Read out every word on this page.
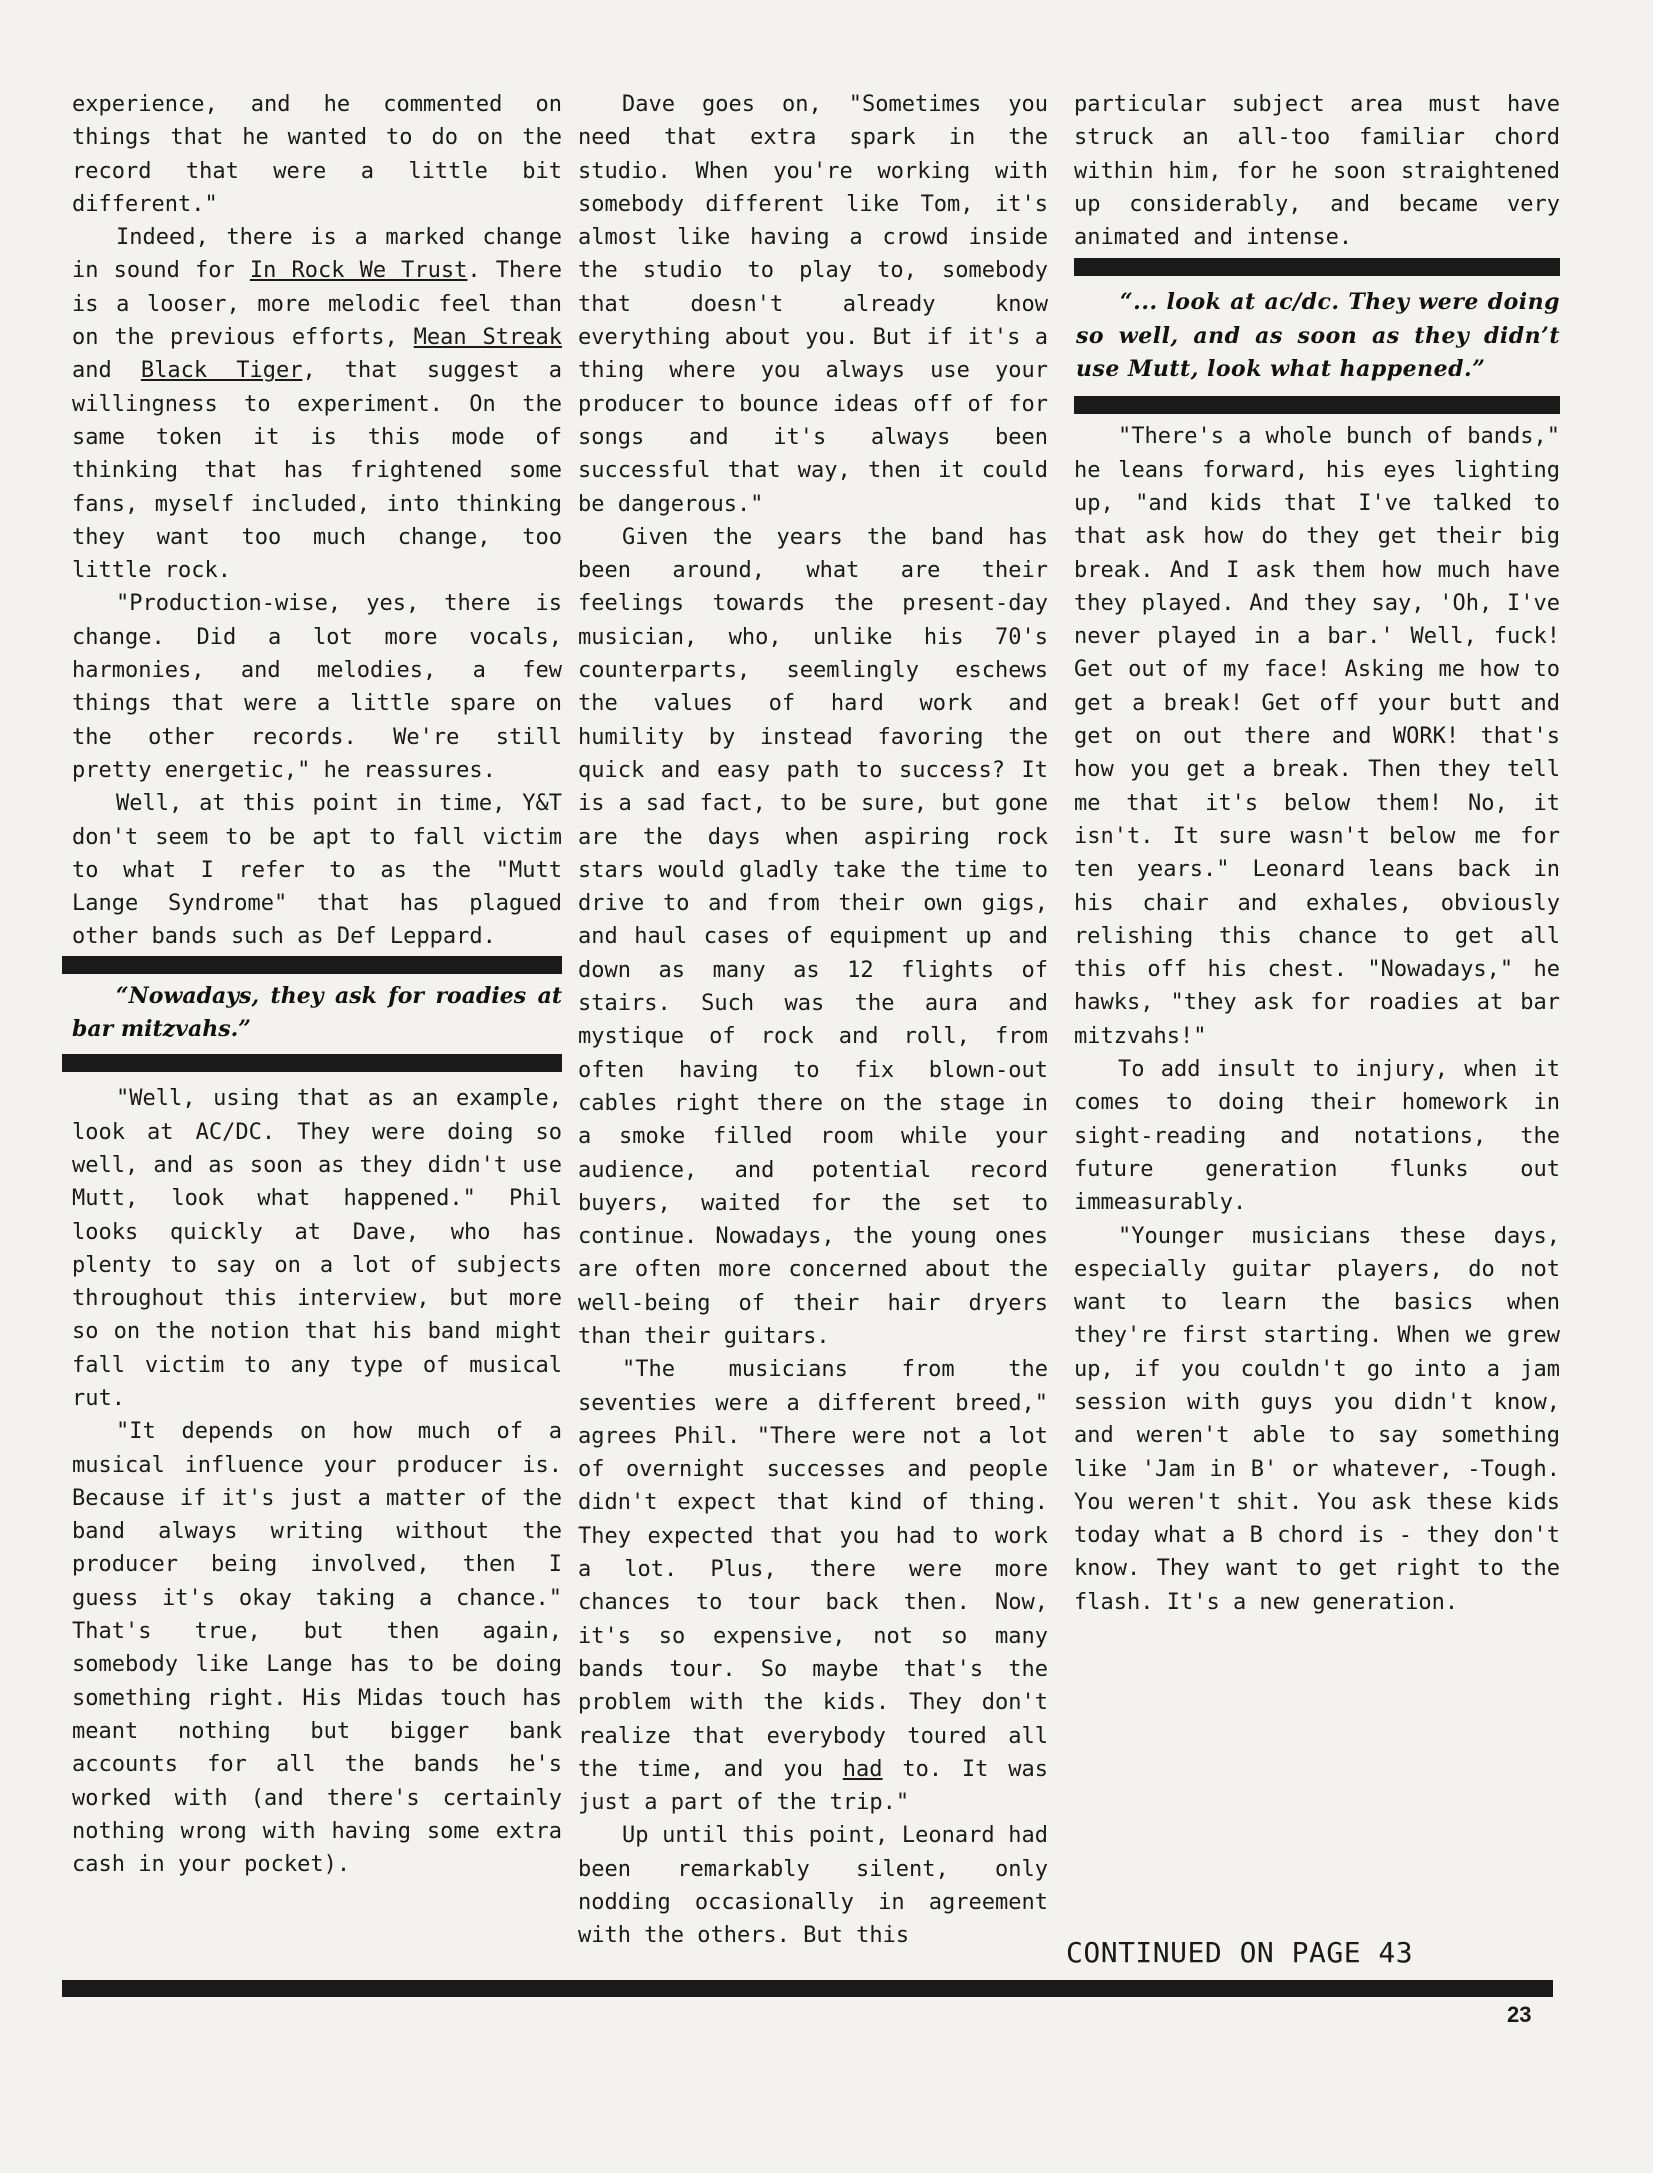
experience, and he commented on things that he wanted to do on the record that were a little bit different."

Indeed, there is a marked change in sound for In Rock We Trust. There is a looser, more melodic feel than on the previous efforts, Mean Streak and Black Tiger, that suggest a willingness to experiment. On the same token it is this mode of thinking that has frightened some fans, myself included, into thinking they want too much change, too little rock.

"Production-wise, yes, there is change. Did a lot more vocals, harmonies, and melodies, a few things that were a little spare on the other records. We're still pretty energetic," he reassures.

Well, at this point in time, Y&T don't seem to be apt to fall victim to what I refer to as the "Mutt Lange Syndrome" that has plagued other bands such as Def Leppard.

“Nowadays, they ask for roadies at bar mitzvahs.”

"Well, using that as an example, look at AC/DC. They were doing so well, and as soon as they didn't use Mutt, look what happened." Phil looks quickly at Dave, who has plenty to say on a lot of subjects throughout this interview, but more so on the notion that his band might fall victim to any type of musical rut.

"It depends on how much of a musical influence your producer is. Because if it's just a matter of the band always writing without the producer being involved, then I guess it's okay taking a chance." That's true, but then again, somebody like Lange has to be doing something right. His Midas touch has meant nothing but bigger bank accounts for all the bands he's worked with (and there's certainly nothing wrong with having some extra cash in your pocket).

Dave goes on, "Sometimes you need that extra spark in the studio. When you're working with somebody different like Tom, it's almost like having a crowd inside the studio to play to, somebody that doesn't already know everything about you. But if it's a thing where you always use your producer to bounce ideas off of for songs and it's always been successful that way, then it could be dangerous."

Given the years the band has been around, what are their feelings towards the present-day musician, who, unlike his 70's counterparts, seemlingly eschews the values of hard work and humility by instead favoring the quick and easy path to success? It is a sad fact, to be sure, but gone are the days when aspiring rock stars would gladly take the time to drive to and from their own gigs, and haul cases of equipment up and down as many as 12 flights of stairs. Such was the aura and mystique of rock and roll, from often having to fix blown-out cables right there on the stage in a smoke filled room while your audience, and potential record buyers, waited for the set to continue. Nowadays, the young ones are often more concerned about the well-being of their hair dryers than their guitars.

"The musicians from the seventies were a different breed," agrees Phil. "There were not a lot of overnight successes and people didn't expect that kind of thing. They expected that you had to work a lot. Plus, there were more chances to tour back then. Now, it's so expensive, not so many bands tour. So maybe that's the problem with the kids. They don't realize that everybody toured all the time, and you had to. It was just a part of the trip."

Up until this point, Leonard had been remarkably silent, only nodding occasionally in agreement with the others. But this

particular subject area must have struck an all-too familiar chord within him, for he soon straightened up considerably, and became very animated and intense.

“... look at ac/dc. They were doing so well, and as soon as they didn’t use Mutt, look what happened.”

"There's a whole bunch of bands," he leans forward, his eyes lighting up, "and kids that I've talked to that ask how do they get their big break. And I ask them how much have they played. And they say, 'Oh, I've never played in a bar.' Well, fuck! Get out of my face! Asking me how to get a break! Get off your butt and get on out there and WORK! that's how you get a break. Then they tell me that it's below them! No, it isn't. It sure wasn't below me for ten years." Leonard leans back in his chair and exhales, obviously relishing this chance to get all this off his chest. "Nowadays," he hawks, "they ask for roadies at bar mitzvahs!"

To add insult to injury, when it comes to doing their homework in sight-reading and notations, the future generation flunks out immeasurably.

"Younger musicians these days, especially guitar players, do not want to learn the basics when they're first starting. When we grew up, if you couldn't go into a jam session with guys you didn't know, and weren't able to say something like 'Jam in B' or whatever, -Tough. You weren't shit. You ask these kids today what a B chord is - they don't know. They want to get right to the flash. It's a new generation.

CONTINUED ON PAGE 43
23
